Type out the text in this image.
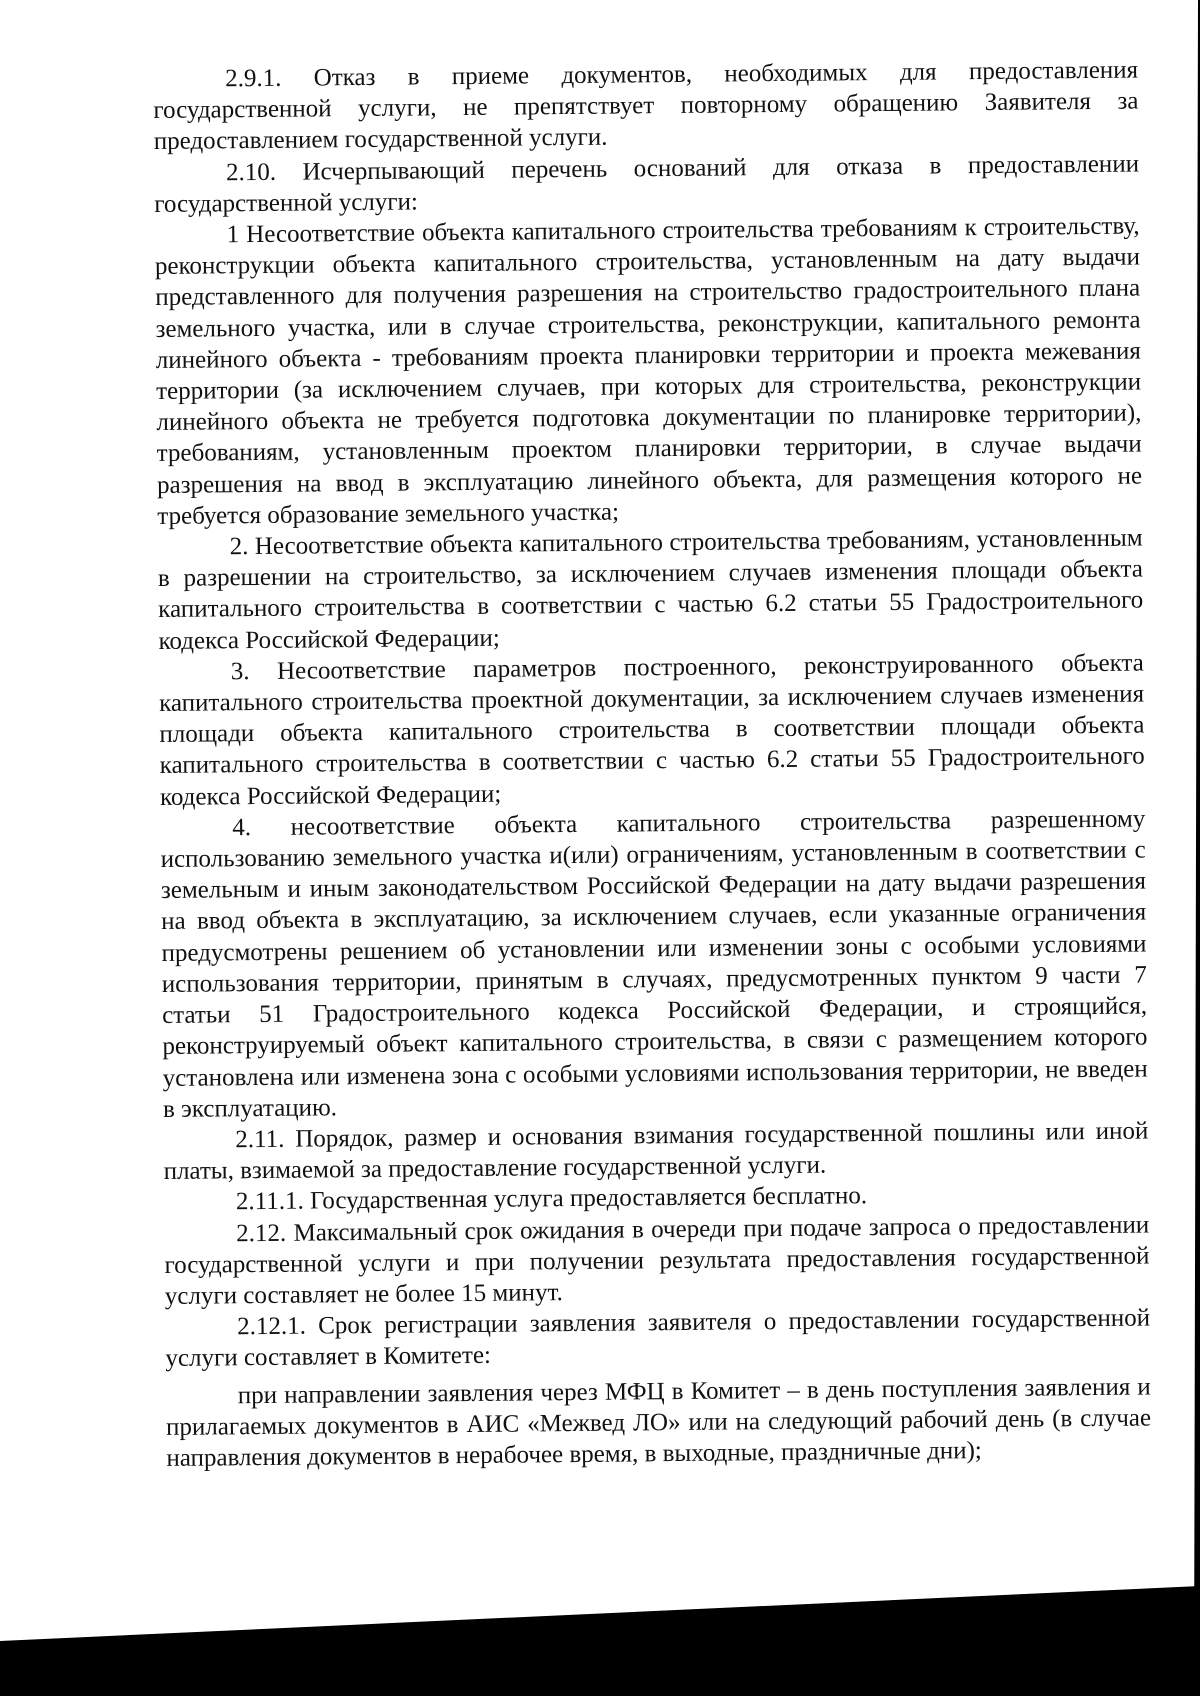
2.9.1. Отказ в приеме документов, необходимых для предоставления государственной услуги, не препятствует повторному обращению Заявителя за предоставлением государственной услуги.

2.10. Исчерпывающий перечень оснований для отказа в предоставлении государственной услуги:

1 Несоответствие объекта капитального строительства требованиям к строительству, реконструкции объекта капитального строительства, установленным на дату выдачи представленного для получения разрешения на строительство градостроительного плана земельного участка, или в случае строительства, реконструкции, капитального ремонта линейного объекта - требованиям проекта планировки территории и проекта межевания территории (за исключением случаев, при которых для строительства, реконструкции линейного объекта не требуется подготовка документации по планировке территории), требованиям, установленным проектом планировки территории, в случае выдачи разрешения на ввод в эксплуатацию линейного объекта, для размещения которого не требуется образование земельного участка;

2. Несоответствие объекта капитального строительства требованиям, установленным в разрешении на строительство, за исключением случаев изменения площади объекта капитального строительства в соответствии с частью 6.2 статьи 55 Градостроительного кодекса Российской Федерации;

3. Несоответствие параметров построенного, реконструированного объекта капитального строительства проектной документации, за исключением случаев изменения площади объекта капитального строительства в соответствии площади объекта капитального строительства в соответствии с частью 6.2 статьи 55 Градостроительного кодекса Российской Федерации;

4. несоответствие объекта капитального строительства разрешенному использованию земельного участка и(или) ограничениям, установленным в соответствии с земельным и иным законодательством Российской Федерации на дату выдачи разрешения на ввод объекта в эксплуатацию, за исключением случаев, если указанные ограничения предусмотрены решением об установлении или изменении зоны с особыми условиями использования территории, принятым в случаях, предусмотренных пунктом 9 части 7 статьи 51 Градостроительного кодекса Российской Федерации, и строящийся, реконструируемый объект капитального строительства, в связи с размещением которого установлена или изменена зона с особыми условиями использования территории, не введен в эксплуатацию.

2.11. Порядок, размер и основания взимания государственной пошлины или иной платы, взимаемой за предоставление государственной услуги.

2.11.1. Государственная услуга предоставляется бесплатно.

2.12. Максимальный срок ожидания в очереди при подаче запроса о предоставлении государственной услуги и при получении результата предоставления государственной услуги составляет не более 15 минут.

2.12.1. Срок регистрации заявления заявителя о предоставлении государственной услуги составляет в Комитете:

при направлении заявления через МФЦ в Комитет – в день поступления заявления и прилагаемых документов в АИС «Межвед ЛО» или на следующий рабочий день (в случае направления документов в нерабочее время, в выходные, праздничные дни);
